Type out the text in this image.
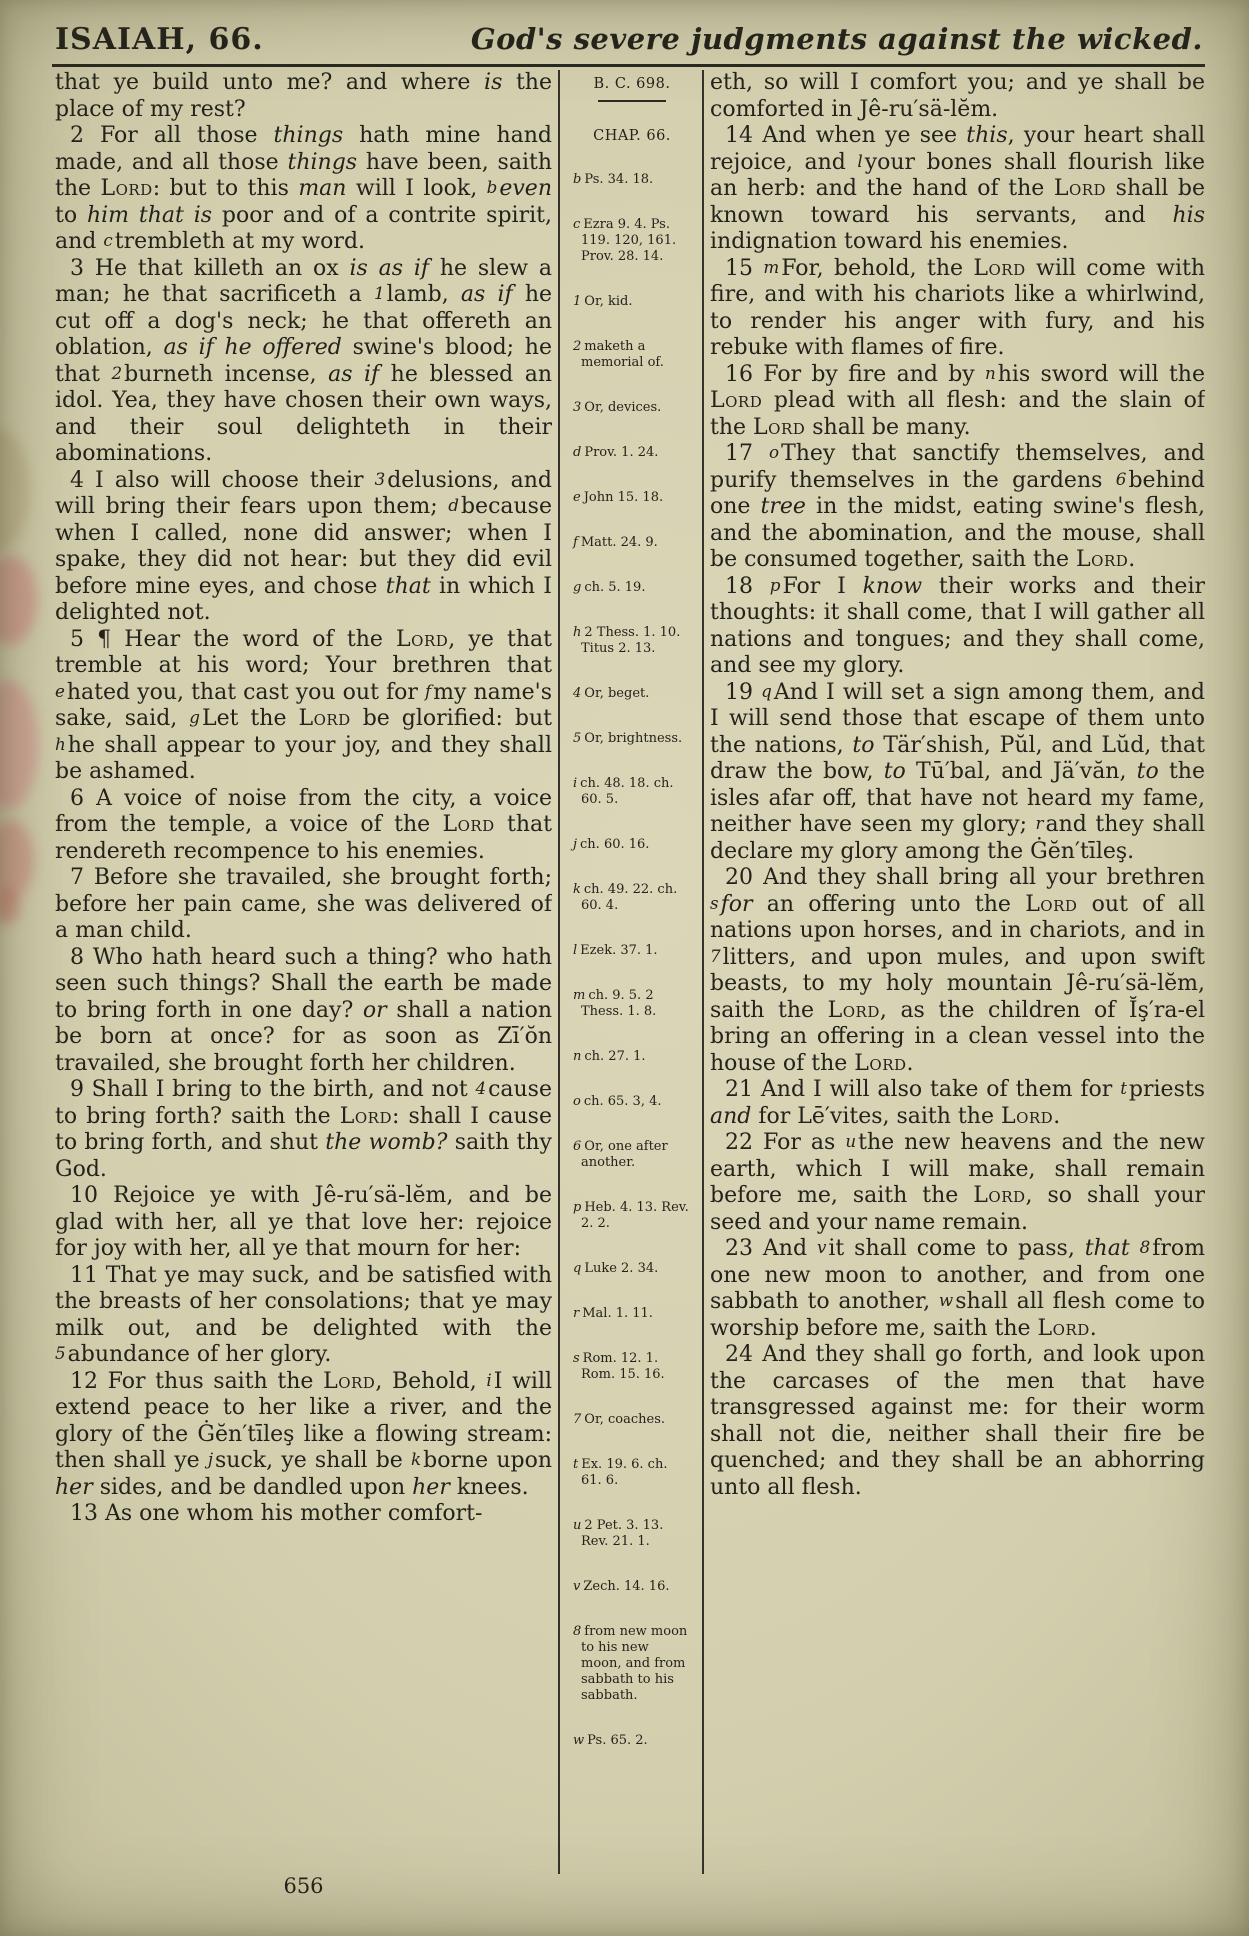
ISAIAH, 66.	God's severe judgments against the wicked.

that ye build unto me? and where is the place of my rest?

2 For all those things hath mine hand made, and all those things have been, saith the Lord: but to this man will I look, beven to him that is poor and of a contrite spirit, and ctrembleth at my word.

3 He that killeth an ox is as if he slew a man; he that sacrificeth a 1lamb, as if he cut off a dog's neck; he that offereth an oblation, as if he offered swine's blood; he that 2burneth incense, as if he blessed an idol. Yea, they have chosen their own ways, and their soul delighteth in their abominations.

4 I also will choose their 3delusions, and will bring their fears upon them; dbecause when I called, none did answer; when I spake, they did not hear: but they did evil before mine eyes, and chose that in which I delighted not.

5 ¶ Hear the word of the Lord, ye that tremble at his word; Your brethren that ehated you, that cast you out for fmy name's sake, said, gLet the Lord be glorified: but hhe shall appear to your joy, and they shall be ashamed.

6 A voice of noise from the city, a voice from the temple, a voice of the Lord that rendereth recompence to his enemies.

7 Before she travailed, she brought forth; before her pain came, she was delivered of a man child.

8 Who hath heard such a thing? who hath seen such things? Shall the earth be made to bring forth in one day? or shall a nation be born at once? for as soon as Zī′ŏn travailed, she brought forth her children.

9 Shall I bring to the birth, and not 4cause to bring forth? saith the Lord: shall I cause to bring forth, and shut the womb? saith thy God.

10 Rejoice ye with Jê-ru′sä-lĕm, and be glad with her, all ye that love her: rejoice for joy with her, all ye that mourn for her:

11 That ye may suck, and be satisfied with the breasts of her consolations; that ye may milk out, and be delighted with the 5abundance of her glory.

12 For thus saith the Lord, Behold, iI will extend peace to her like a river, and the glory of the Ġĕn′tīleş like a flowing stream: then shall ye jsuck, ye shall be kborne upon her sides, and be dandled upon her knees.

13 As one whom his mother comfort-

B. C. 698.
CHAP. 66.
b Ps. 34. 18.
c Ezra 9. 4. Ps. 119. 120, 161. Prov. 28. 14.
1 Or, kid.
2 maketh a memorial of.
3 Or, devices.
d Prov. 1. 24.
e John 15. 18.
f Matt. 24. 9.
g ch. 5. 19.
h 2 Thess. 1. 10. Titus 2. 13.
4 Or, beget.
5 Or, brightness.
i ch. 48. 18. ch. 60. 5.
j ch. 60. 16.
k ch. 49. 22. ch. 60. 4.
l Ezek. 37. 1.
m ch. 9. 5. 2 Thess. 1. 8.
n ch. 27. 1.
o ch. 65. 3, 4.
6 Or, one after another.
p Heb. 4. 13. Rev. 2. 2.
q Luke 2. 34.
r Mal. 1. 11.
s Rom. 12. 1. Rom. 15. 16.
7 Or, coaches.
t Ex. 19. 6. ch. 61. 6.
u 2 Pet. 3. 13. Rev. 21. 1.
v Zech. 14. 16.
8 from new moon to his new moon, and from sabbath to his sabbath.
w Ps. 65. 2.

eth, so will I comfort you; and ye shall be comforted in Jê-ru′sä-lĕm.

14 And when ye see this, your heart shall rejoice, and lyour bones shall flourish like an herb: and the hand of the Lord shall be known toward his servants, and his indignation toward his enemies.

15 mFor, behold, the Lord will come with fire, and with his chariots like a whirlwind, to render his anger with fury, and his rebuke with flames of fire.

16 For by fire and by nhis sword will the Lord plead with all flesh: and the slain of the Lord shall be many.

17 oThey that sanctify themselves, and purify themselves in the gardens 6behind one tree in the midst, eating swine's flesh, and the abomination, and the mouse, shall be consumed together, saith the Lord.

18 pFor I know their works and their thoughts: it shall come, that I will gather all nations and tongues; and they shall come, and see my glory.

19 qAnd I will set a sign among them, and I will send those that escape of them unto the nations, to Tär′shish, Pŭl, and Lŭd, that draw the bow, to Tū′bal, and Jä′văn, to the isles afar off, that have not heard my fame, neither have seen my glory; rand they shall declare my glory among the Ġĕn′tīleş.

20 And they shall bring all your brethren sfor an offering unto the Lord out of all nations upon horses, and in chariots, and in 7litters, and upon mules, and upon swift beasts, to my holy mountain Jê-ru′sä-lĕm, saith the Lord, as the children of Ĭş′ra-el bring an offering in a clean vessel into the house of the Lord.

21 And I will also take of them for tpriests and for Lē′vites, saith the Lord.

22 For as uthe new heavens and the new earth, which I will make, shall remain before me, saith the Lord, so shall your seed and your name remain.

23 And vit shall come to pass, that 8from one new moon to another, and from one sabbath to another, wshall all flesh come to worship before me, saith the Lord.

24 And they shall go forth, and look upon the carcases of the men that have transgressed against me: for their worm shall not die, neither shall their fire be quenched; and they shall be an abhorring unto all flesh.

656
